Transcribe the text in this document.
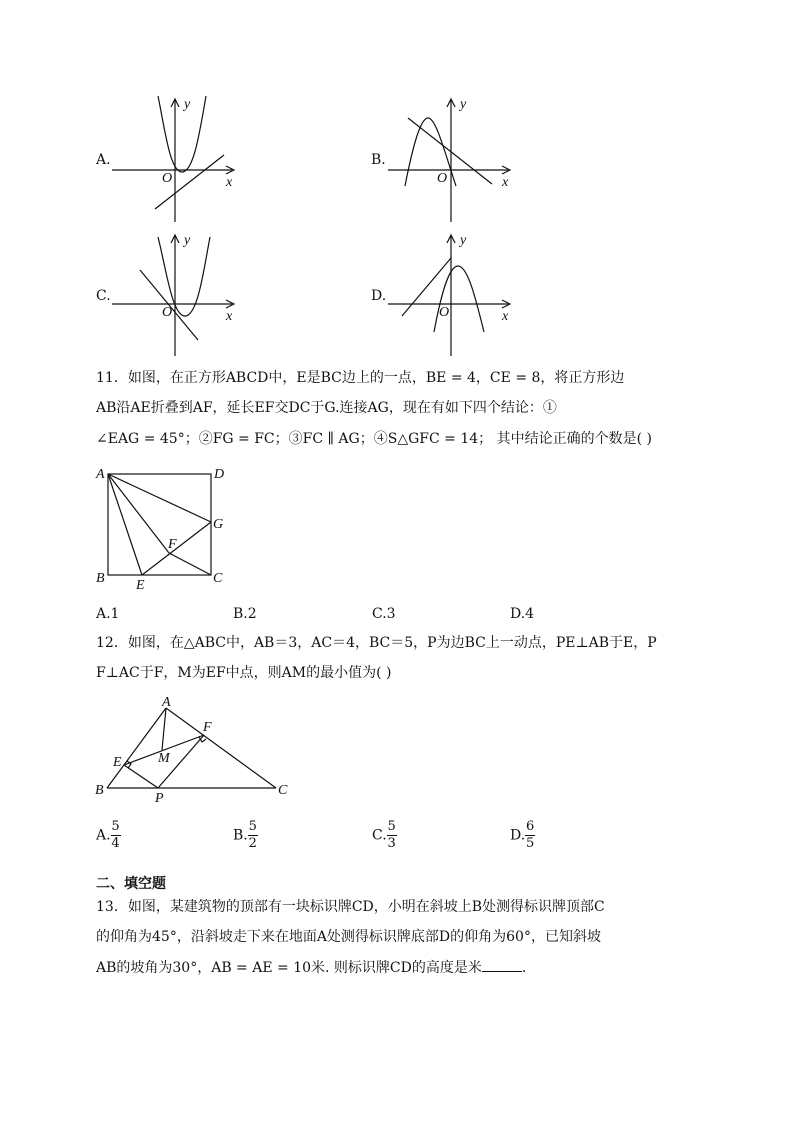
A.
y
x
O
B.
y
x
O
C.
y
x
O
D.
y
x
O
11．如图，在正方形ABCD中，E是BC边上的一点，BE = 4，CE = 8，将正方形边
AB沿AE折叠到AF，延长EF交DC于G.连接AG，现在有如下四个结论：①
∠EAG = 45°；②FG = FC；③FC ∥ AG；④S△GFC = 14； 其中结论正确的个数是( )
A	D
B	C
E
F
G
A.1	B.2	C.3	D.4
12．如图，在△ABC中，AB＝3，AC＝4，BC＝5，P为边BC上一动点，PE⊥AB于E，P
F⊥AC于F，M为EF中点，则AM的最小值为( )
A
F
E	M
B
P
C
A. $\frac{5}{4}$	B. $\frac{5}{2}$	C. $\frac{5}{3}$	D. $\frac{6}{5}$
二、填空题
13．如图，某建筑物的顶部有一块标识牌CD，小明在斜坡上B处测得标识牌顶部C
的仰角为45°，沿斜坡走下来在地面A处测得标识牌底部D的仰角为60°，已知斜坡
AB的坡角为30°，AB = AE = 10米. 则标识牌CD的高度是米	.
